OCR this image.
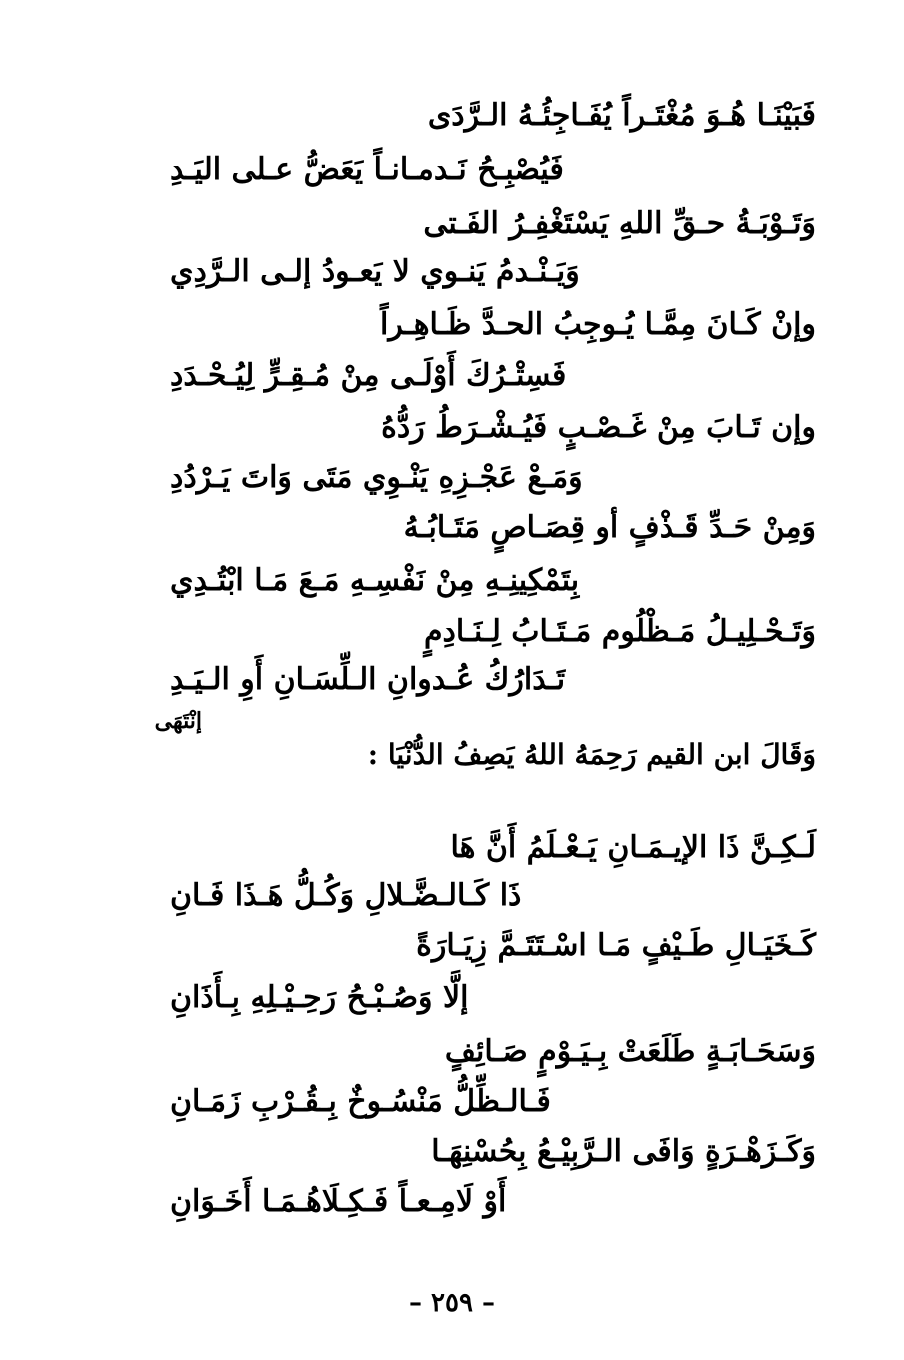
فَبَيْنَـا هُـوَ مُغْتَـراً يُفَـاجِئُـهُ الـرَّدَى
فَيُصْبِـحُ نَـدمـانـاً يَعَضُّ عـلى اليَـدِ
وَتَـوْبَـةُ حـقِّ اللهِ يَسْتَغْفِـرُ الفَـتى
وَيَـنْـدمُ يَنـوي لا يَعـودُ إلـى الـرَّدِي
وإنْ كَـانَ مِمَّـا يُـوجِبُ الحـدَّ ظَـاهِـراً
فَسِتْـرُكَ أَوْلَـى مِنْ مُـقِـرٍّ لِيُـحْـدَدِ
وإن تَـابَ مِنْ غَـصْـبٍ فَيُـشْـرَطُ رَدُّهُ
وَمَـعْ عَجْـزِهِ يَنْـوِي مَتَى وَاتَ يَـرْدُدِ
وَمِنْ حَـدِّ قَـذْفٍ أو قِصَـاصٍ مَتَـابُـهُ
بِتَمْكِينِـهِ مِنْ نَفْسِـهِ مَـعَ مَـا ابْتُـدِي
وَتَـحْـلِيـلُ مَـظْلُوم مَـتَـابُ لِـنَـادِمٍ
تَـدَارُكُ عُـدوانِ الـلِّسَـانِ أَوِ الـيَـدِ
إنْتَهَى
وَقَالَ ابن القيم رَحِمَهُ اللهُ يَصِفُ الدُّنْيَا :
لَـكِـنَّ ذَا الإيـمَـانِ يَـعْـلَمُ أَنَّ هَا
ذَا كَـالـضَّـلالِ وَكُـلُّ هَـذَا فَـانِ
كَـخَيَـالِ طَـيْفٍ مَـا اسْـتَتَـمَّ زِيَـارَةً
إلَّا وَصُـبْـحُ رَحِـيْـلِهِ بِـأَذَانِ
وَسَحَـابَـةٍ طَلَعَتْ بِـيَـوْمٍ صَـائِفٍ
فَـالـظِّلُّ مَنْسُـوخٌ بِـقُـرْبِ زَمَـانِ
وَكَـزَهْـرَةٍ وَافَى الـرَّبِيْـعُ بِحُسْنِهَـا
أَوْ لَامِـعـاً فَـكِـلَاهُـمَـا أَخَـوَانِ
– ٢٥٩ –
